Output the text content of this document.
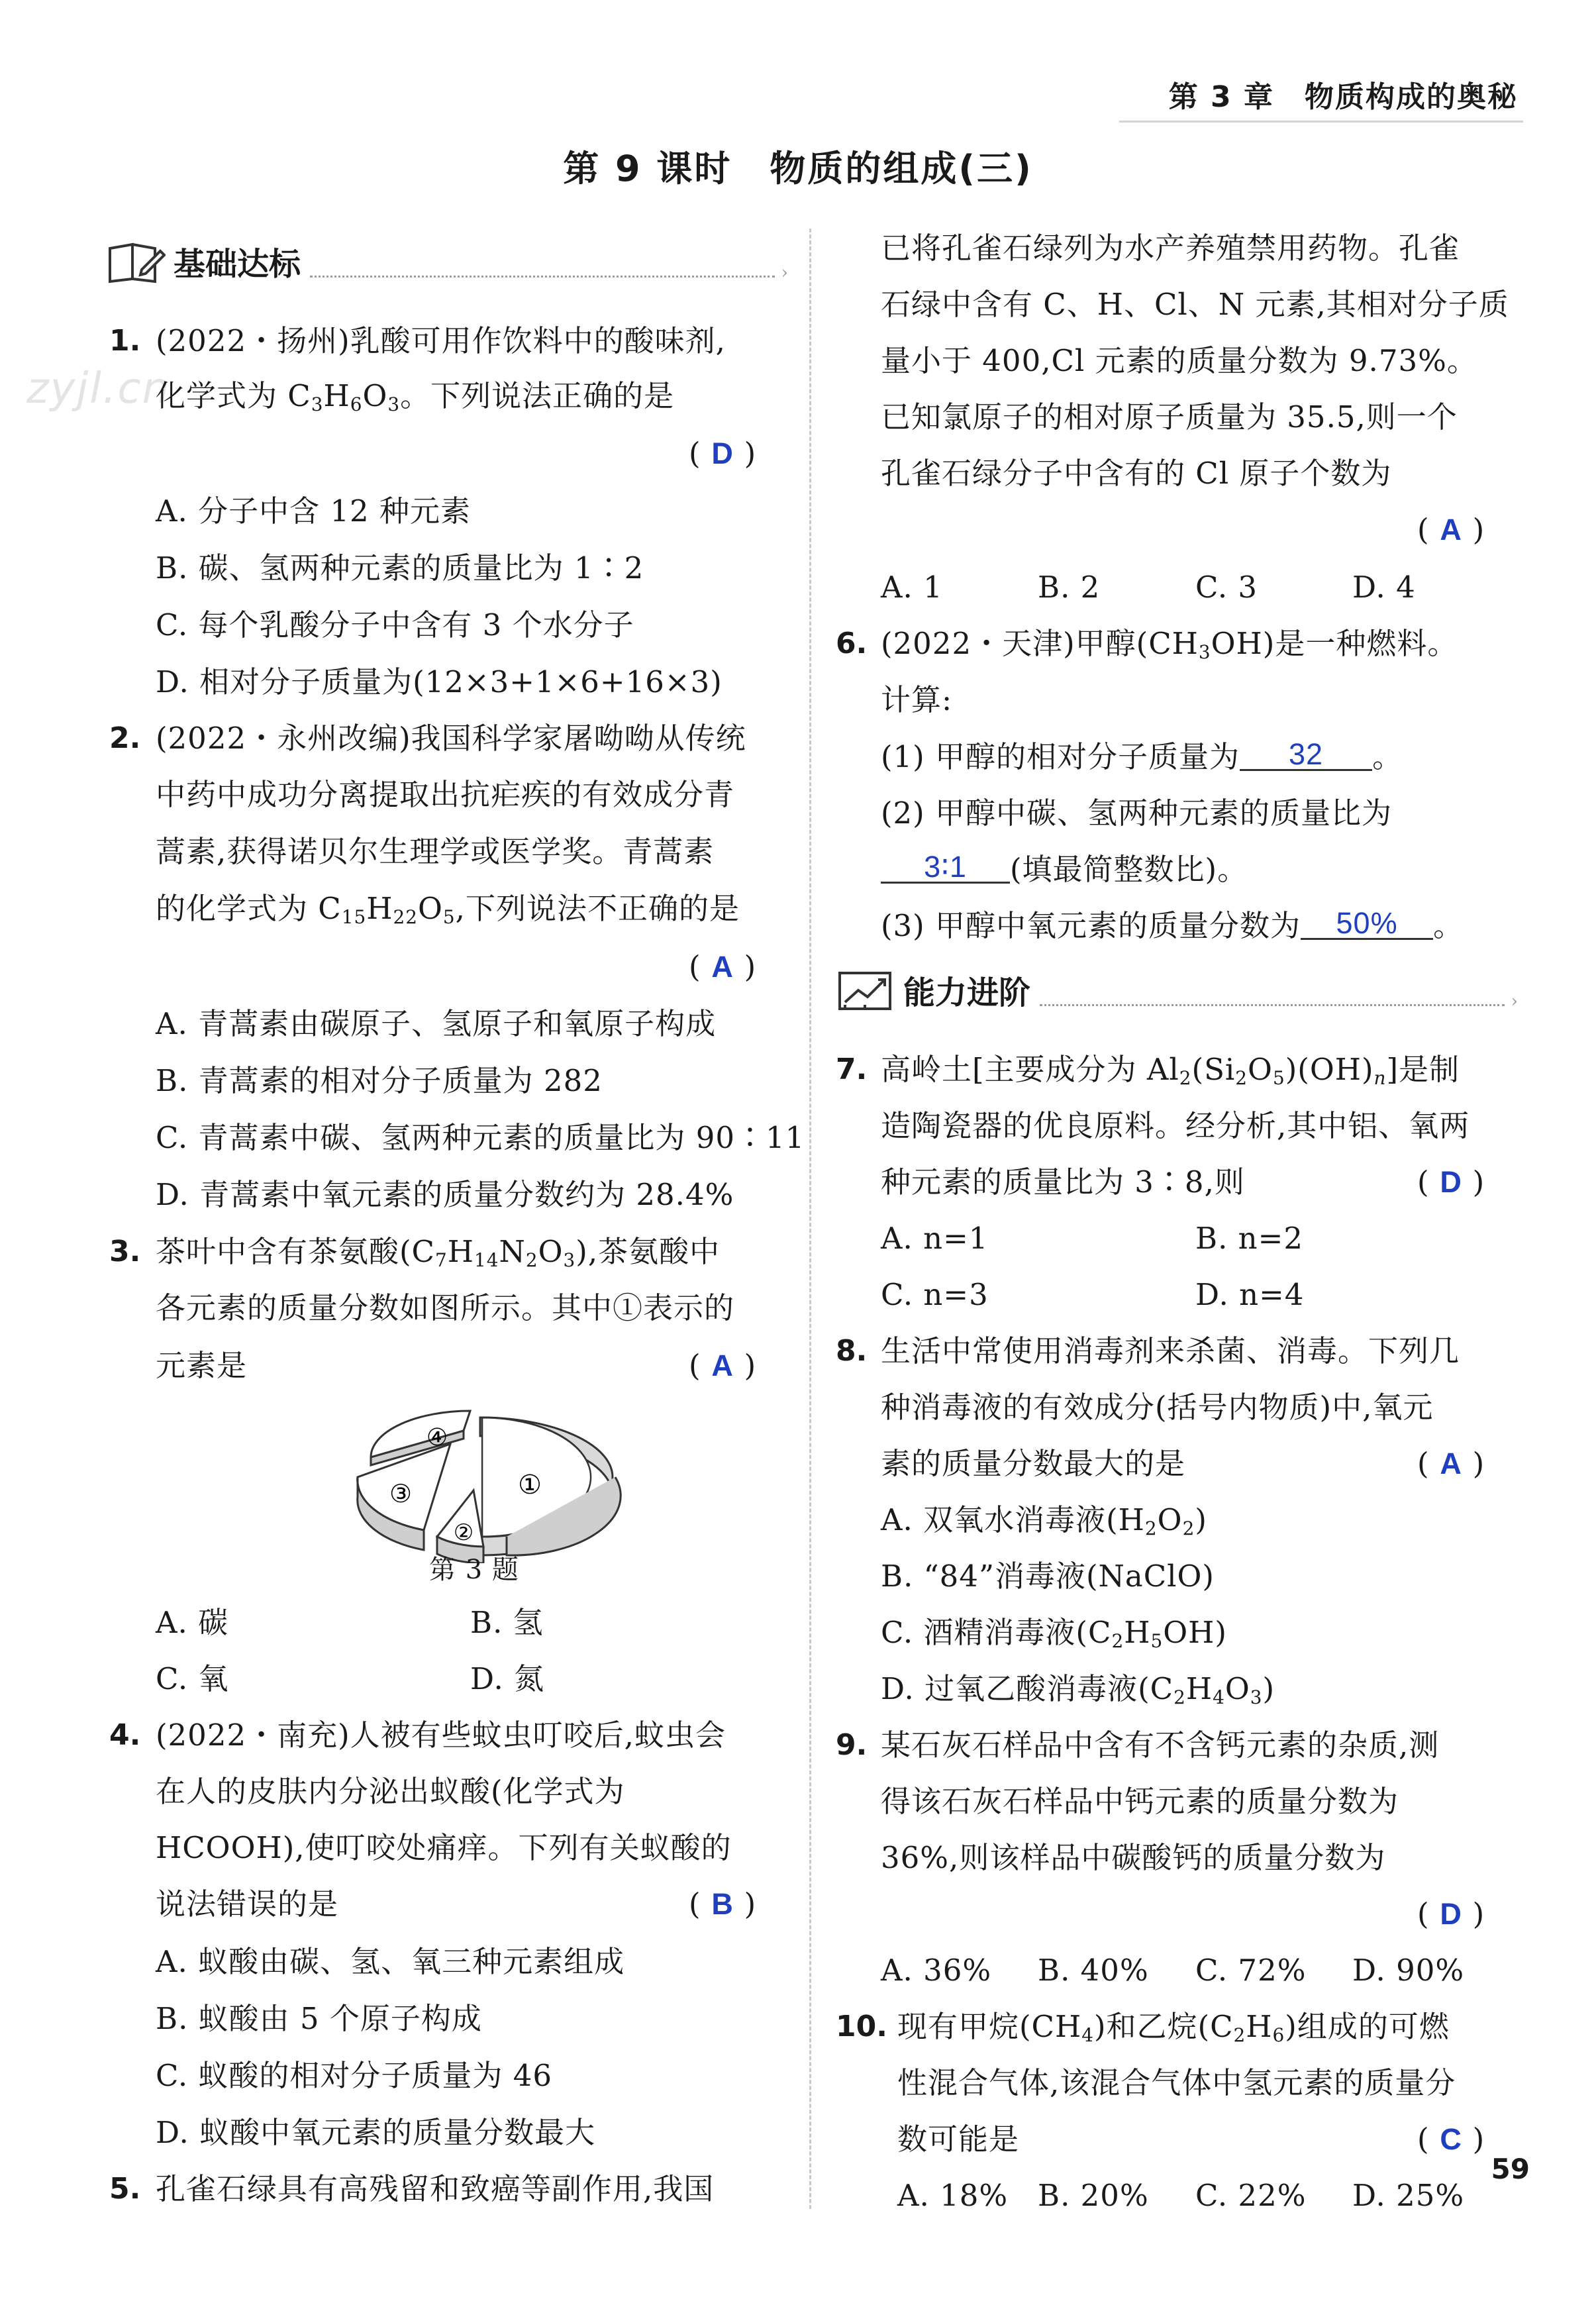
第 3 章　物质构成的奥秘
第 9 课时　物质的组成(三)
zyjl.cn
基础达标	›
1. (2022・扬州)乳酸可用作饮料中的酸味剂,
化学式为 $C_3H_6O_3$。下列说法正确的是
( D )
A. 分子中含 12 种元素
B. 碳、氢两种元素的质量比为 1∶2
C. 每个乳酸分子中含有 3 个水分子
D. 相对分子质量为(12×3+1×6+16×3)
2. (2022・永州改编)我国科学家屠呦呦从传统
中药中成功分离提取出抗疟疾的有效成分青
蒿素,获得诺贝尔生理学或医学奖。青蒿素
的化学式为 $C_{15}H_{22}O_5$,下列说法不正确的是
( A )
A. 青蒿素由碳原子、氢原子和氧原子构成
B. 青蒿素的相对分子质量为 282
C. 青蒿素中碳、氢两种元素的质量比为 90∶11
D. 青蒿素中氧元素的质量分数约为 28.4%
3. 茶叶中含有茶氨酸$(C_7H_{14}N_2O_3)$,茶氨酸中
各元素的质量分数如图所示。其中①表示的
元素是	( A )
①
②
③
④
第 3 题
A. 碳	B. 氢
C. 氧	D. 氮
4. (2022・南充)人被有些蚊虫叮咬后,蚊虫会
在人的皮肤内分泌出蚁酸(化学式为
HCOOH),使叮咬处痛痒。下列有关蚁酸的
说法错误的是	( B )
A. 蚁酸由碳、氢、氧三种元素组成
B. 蚁酸由 5 个原子构成
C. 蚁酸的相对分子质量为 46
D. 蚁酸中氧元素的质量分数最大
5. 孔雀石绿具有高残留和致癌等副作用,我国
已将孔雀石绿列为水产养殖禁用药物。孔雀
石绿中含有 C、H、Cl、N 元素,其相对分子质
量小于 400,Cl 元素的质量分数为 9.73%。
已知氯原子的相对原子质量为 35.5,则一个
孔雀石绿分子中含有的 Cl 原子个数为
( A )
A. 1	B. 2	C. 3	D. 4
6. (2022・天津)甲醇$(CH_3OH)$是一种燃料。
计算:
(1) 甲醇的相对分子质量为 32 。
(2) 甲醇中碳、氢两种元素的质量比为
3∶1 (填最简整数比)。
(3) 甲醇中氧元素的质量分数为 50% 。
能力进阶	›
7. 高岭土[主要成分为 $Al_2(Si_2O_5)(OH)_n$]是制
造陶瓷器的优良原料。经分析,其中铝、氧两
种元素的质量比为 3∶8,则	( D )
A. n=1	B. n=2
C. n=3	D. n=4
8. 生活中常使用消毒剂来杀菌、消毒。下列几
种消毒液的有效成分(括号内物质)中,氧元
素的质量分数最大的是	( A )
A. 双氧水消毒液$(H_2O_2)$
B. “84”消毒液(NaClO)
C. 酒精消毒液$(C_2H_5OH)$
D. 过氧乙酸消毒液$(C_2H_4O_3)$
9. 某石灰石样品中含有不含钙元素的杂质,测
得该石灰石样品中钙元素的质量分数为
36%,则该样品中碳酸钙的质量分数为
( D )
A. 36% B. 40% C. 72% D. 90%
10. 现有甲烷$(CH_4)$和乙烷$(C_2H_6)$组成的可燃
性混合气体,该混合气体中氢元素的质量分
数可能是	( C )
A. 18% B. 20% C. 22% D. 25%
59
